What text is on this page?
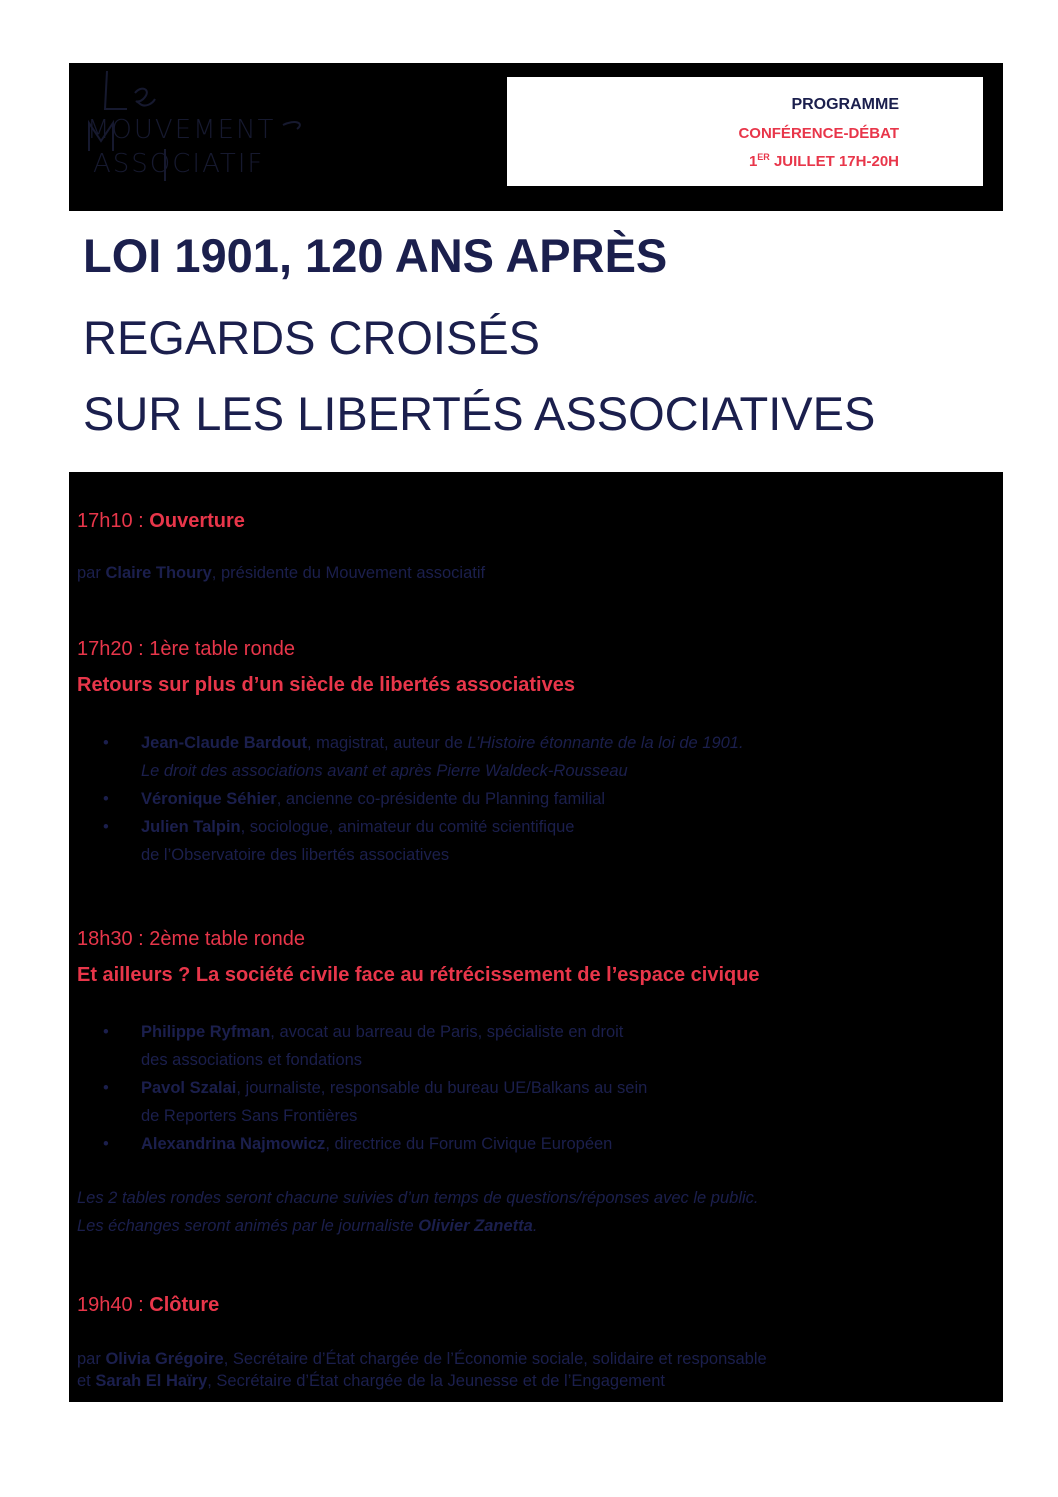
MOUVEMENT
ASSOCIATIF
PROGRAMME
CONFÉRENCE-DÉBAT
1ER JUILLET 17H-20H
LOI 1901, 120 ANS APRÈS
REGARDS CROISÉS
SUR LES LIBERTÉS ASSOCIATIVES
17h10 : Ouverture
par Claire Thoury, présidente du Mouvement associatif
17h20 : 1ère table ronde
Retours sur plus d’un siècle de libertés associatives
• Jean-Claude Bardout, magistrat, auteur de L’Histoire étonnante de la loi de 1901.
Le droit des associations avant et après Pierre Waldeck-Rousseau
• Véronique Séhier, ancienne co-présidente du Planning familial
• Julien Talpin, sociologue, animateur du comité scientifique
de l’Observatoire des libertés associatives
18h30 : 2ème table ronde
Et ailleurs ? La société civile face au rétrécissement de l’espace civique
• Philippe Ryfman, avocat au barreau de Paris, spécialiste en droit
des associations et fondations
• Pavol Szalai, journaliste, responsable du bureau UE/Balkans au sein
de Reporters Sans Frontières
• Alexandrina Najmowicz, directrice du Forum Civique Européen
Les 2 tables rondes seront chacune suivies d’un temps de questions/réponses avec le public.
Les échanges seront animés par le journaliste Olivier Zanetta.
19h40 : Clôture
par Olivia Grégoire, Secrétaire d’État chargée de l’Économie sociale, solidaire et responsable
et Sarah El Haïry, Secrétaire d’État chargée de la Jeunesse et de l’Engagement
